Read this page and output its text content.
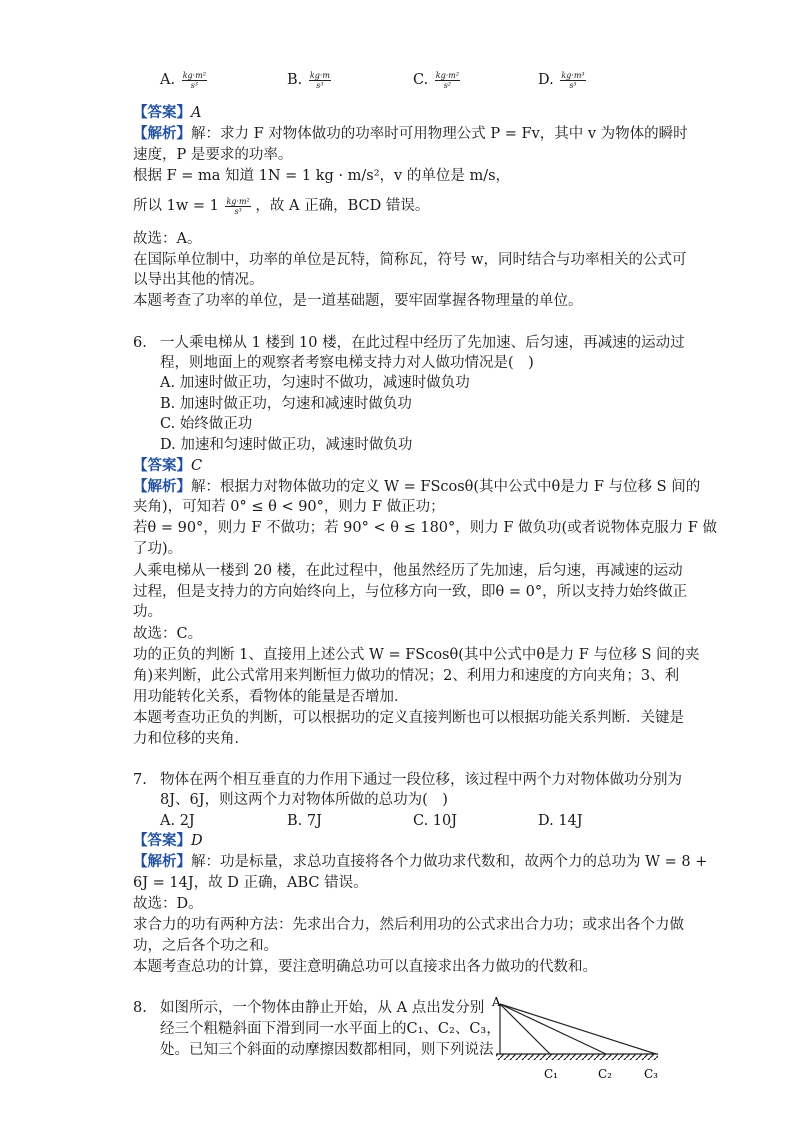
A. $\frac{\text{kg·m²}}{\text{s³}}$	B. $\frac{kg\cdot m}{\text{s³}}$	C. $\frac{\text{kg·m²}}{\text{s²}}$	D. $\frac{\text{kg·m³}}{\text{s³}}$
【答案】A
【解析】解：求力 F 对物体做功的功率时可用物理公式 P = Fv，其中 v 为物体的瞬时
速度，P 是要求的功率。
根据 F = ma 知道 1N = 1 kg · m/s²，v 的单位是 m/s，
所以 $1w = 1 \frac{\text{kg·m²}}{\text{s³}}$ ，故 A 正确，BCD 错误。
故选：A。
在国际单位制中，功率的单位是瓦特，简称瓦，符号 w，同时结合与功率相关的公式可
以导出其他的情况。
本题考查了功率的单位，是一道基础题，要牢固掌握各物理量的单位。
6. 一人乘电梯从 1 楼到 10 楼，在此过程中经历了先加速、后匀速，再减速的运动过
程，则地面上的观察者考察电梯支持力对人做功情况是(　)
A. 加速时做正功，匀速时不做功，减速时做负功
B. 加速时做正功，匀速和减速时做负功
C. 始终做正功
D. 加速和匀速时做正功，减速时做负功
【答案】C
【解析】解：根据力对物体做功的定义 W = FScosθ(其中公式中θ是力 F 与位移 S 间的
夹角)，可知若 0° ≤ θ < 90°，则力 F 做正功；
若θ = 90°，则力 F 不做功；若 90° < θ ≤ 180°，则力 F 做负功(或者说物体克服力 F 做
了功)。
人乘电梯从一楼到 20 楼，在此过程中，他虽然经历了先加速，后匀速，再减速的运动
过程，但是支持力的方向始终向上，与位移方向一致，即θ = 0°，所以支持力始终做正
功。
故选：C。
功的正负的判断 1、直接用上述公式 W = FScosθ(其中公式中θ是力 F 与位移 S 间的夹
角)来判断，此公式常用来判断恒力做功的情况；2、利用力和速度的方向夹角；3、利
用功能转化关系，看物体的能量是否增加．
本题考查功正负的判断，可以根据功的定义直接判断也可以根据功能关系判断．关键是
力和位移的夹角．
7. 物体在两个相互垂直的力作用下通过一段位移，该过程中两个力对物体做功分别为
8J、6J，则这两个力对物体所做的总功为(　)
A. 2J	B. 7J	C. 10J	D. 14J
【答案】D
【解析】解：功是标量，求总功直接将各个力做功求代数和，故两个力的总功为 W = 8 +
6J = 14J，故 D 正确，ABC 错误。
故选：D。
求合力的功有两种方法：先求出合力，然后利用功的公式求出合力功；或求出各个力做
功，之后各个功之和。
本题考查总功的计算，要注意明确总功可以直接求出各力做功的代数和。
8. 如图所示，一个物体由静止开始，从 A 点出发分别
经三个粗糙斜面下滑到同一水平面上的C₁、C₂、C₃，
处。已知三个斜面的动摩擦因数都相同，则下列说法
A
C₁	C₂	C₃
